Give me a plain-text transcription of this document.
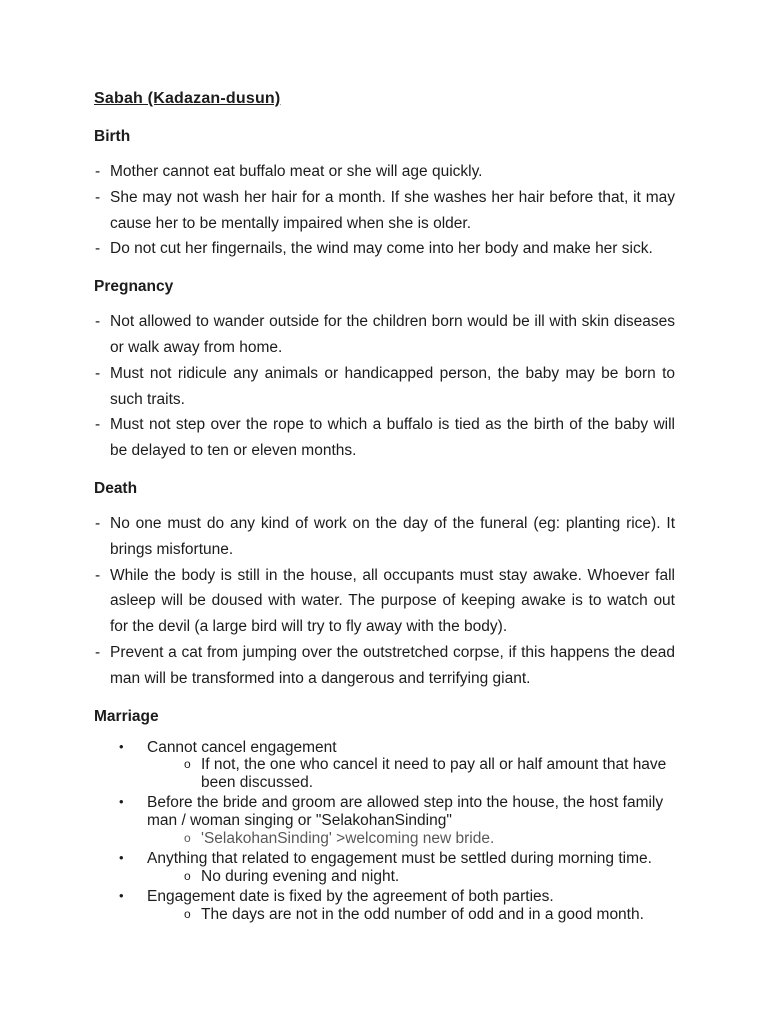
Sabah (Kadazan-dusun)
Birth
- Mother cannot eat buffalo meat or she will age quickly.
- She may not wash her hair for a month. If she washes her hair before that, it may cause her to be mentally impaired when she is older.
- Do not cut her fingernails, the wind may come into her body and make her sick.
Pregnancy
- Not allowed to wander outside for the children born would be ill with skin diseases or walk away from home.
- Must not ridicule any animals or handicapped person, the baby may be born to such traits.
- Must not step over the rope to which a buffalo is tied as the birth of the baby will be delayed to ten or eleven months.
Death
- No one must do any kind of work on the day of the funeral (eg: planting rice). It brings misfortune.
- While the body is still in the house, all occupants must stay awake. Whoever fall asleep will be doused with water. The purpose of keeping awake is to watch out for the devil (a large bird will try to fly away with the body).
- Prevent a cat from jumping over the outstretched corpse, if this happens the dead man will be transformed into a dangerous and terrifying giant.
Marriage
• Cannot cancel engagement
o If not, the one who cancel it need to pay all or half amount that have been discussed.
• Before the bride and groom are allowed step into the house, the host family man / woman singing or "SelakohanSinding"
o 'SelakohanSinding' >welcoming new bride.
• Anything that related to engagement must be settled during morning time.
o No during evening and night.
• Engagement date is fixed by the agreement of both parties.
o The days are not in the odd number of odd and in a good month.
